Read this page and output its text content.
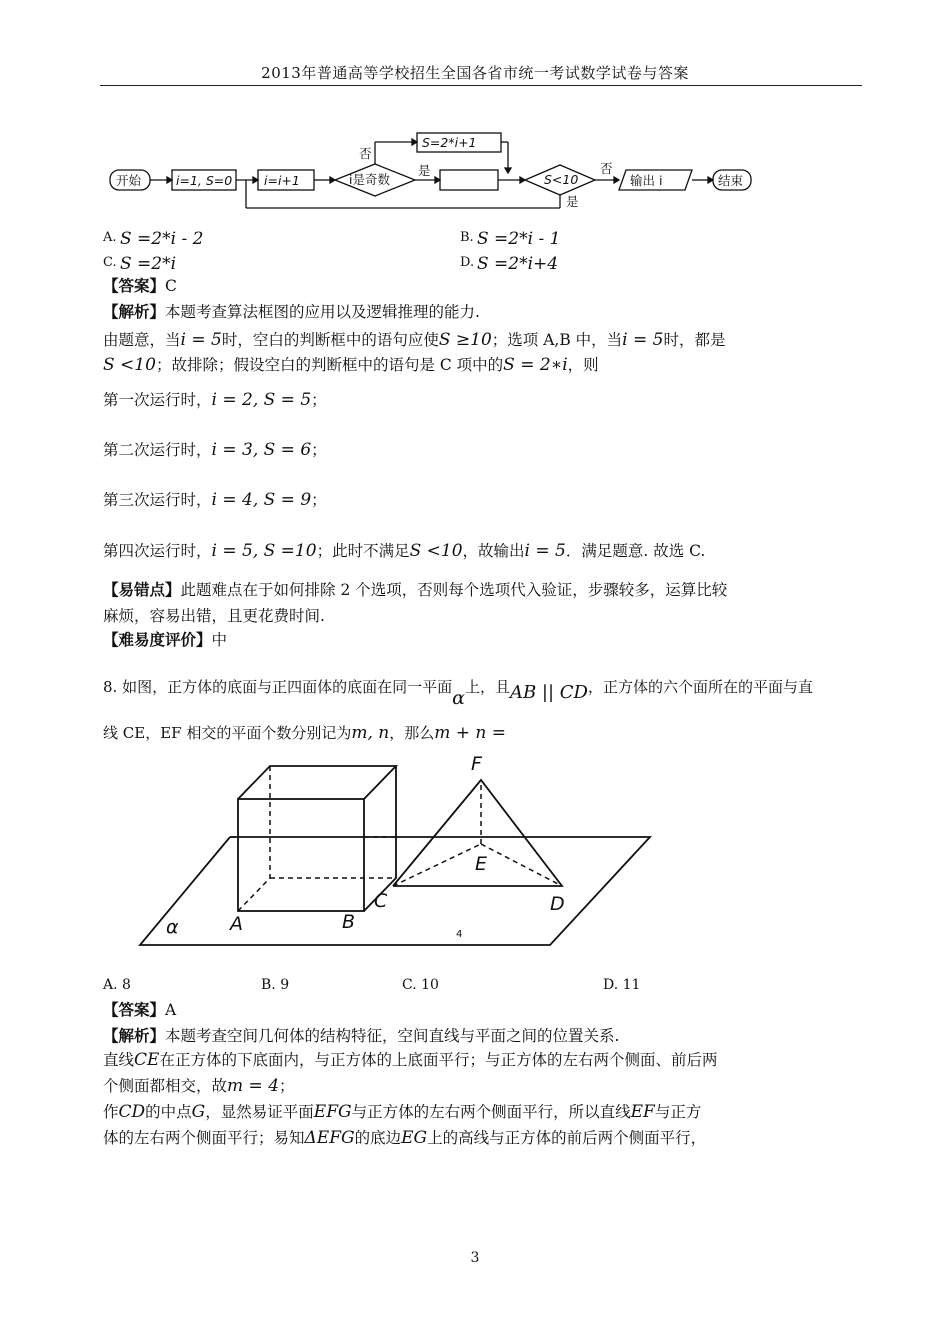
2013年普通高等学校招生全国各省市统一考试数学试卷与答案
开始	i=1, S=0	i=i+1	i是奇数
否
是
S=2*i+1
S<10
否
输出 i	结束
是
A. S =2*i - 2	B. S =2*i - 1
C. S =2*i	D. S =2*i+4
【答案】C
【解析】本题考查算法框图的应用以及逻辑推理的能力.
由题意，当i = 5时，空白的判断框中的语句应使S ≥10；选项 A,B 中，当i = 5时，都是
S <10；故排除；假设空白的判断框中的语句是 C 项中的S = 2∗i，则
第一次运行时，i = 2, S = 5；
第二次运行时，i = 3, S = 6；
第三次运行时，i = 4, S = 9；
第四次运行时，i = 5, S =10；此时不满足S <10，故输出i = 5．满足题意. 故选 C.
【易错点】此题难点在于如何排除 2 个选项，否则每个选项代入验证，步骤较多，运算比较
麻烦，容易出错，且更花费时间.
【难易度评价】中
8. 如图，正方体的底面与正四面体的底面在同一平面α上，且AB || CD，正方体的六个面所在的平面与直
线 CE，EF 相交的平面个数分别记为m, n，那么m + n =
F
E
C	D
A	B
α	4
A. 8	B. 9	C. 10	D. 11
【答案】A
【解析】本题考查空间几何体的结构特征，空间直线与平面之间的位置关系.
直线CE在正方体的下底面内，与正方体的上底面平行；与正方体的左右两个侧面、前后两
个侧面都相交，故m = 4；
作CD的中点G，显然易证平面EFG与正方体的左右两个侧面平行，所以直线EF与正方
体的左右两个侧面平行；易知ΔEFG的底边EG上的高线与正方体的前后两个侧面平行，
3
